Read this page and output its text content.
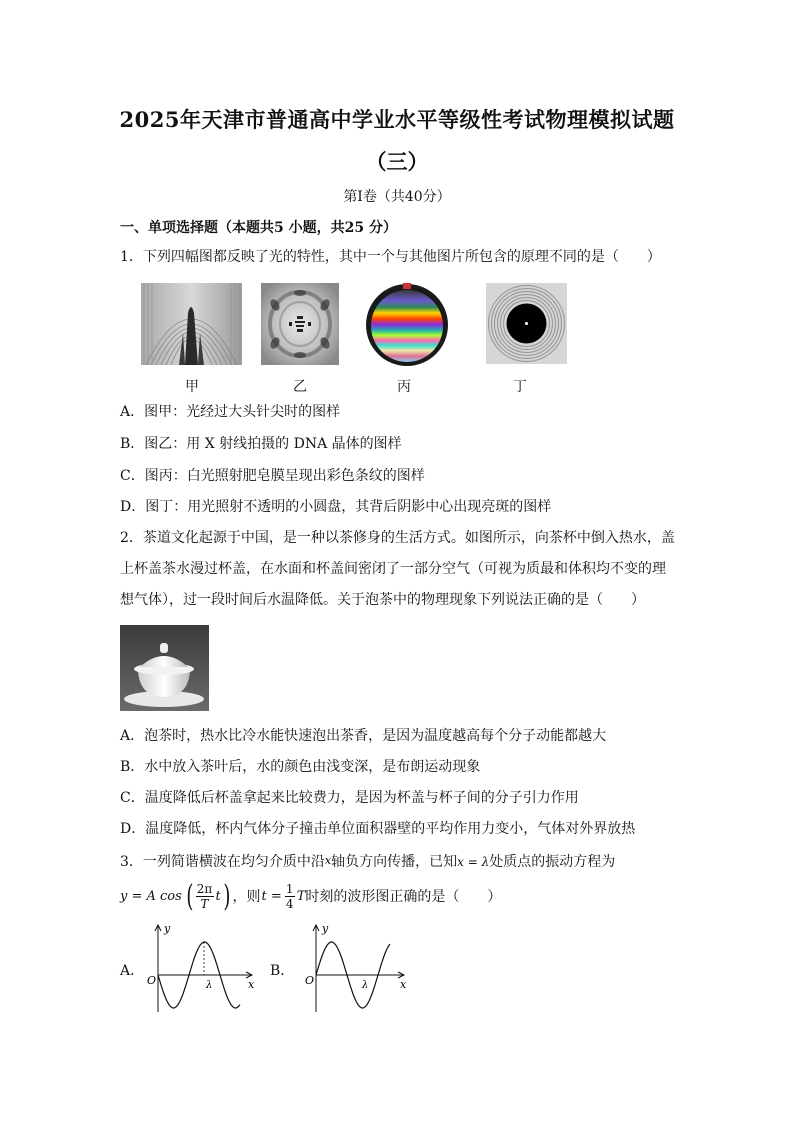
2025年天津市普通高中学业水平等级性考试物理模拟试题
（三）
第Ⅰ卷（共40分）
一、单项选择题（本题共5 小题，共25 分）
1．下列四幅图都反映了光的特性，其中一个与其他图片所包含的原理不同的是（　　）
甲	乙	丙	丁
A．图甲：光经过大头针尖时的图样
B．图乙：用 X 射线拍摄的 DNA 晶体的图样
C．图丙：白光照射肥皂膜呈现出彩色条纹的图样
D．图丁：用光照射不透明的小圆盘，其背后阴影中心出现亮斑的图样
2．茶道文化起源于中国，是一种以茶修身的生活方式。如图所示，向茶杯中倒入热水，盖
上杯盖茶水漫过杯盖，在水面和杯盖间密闭了一部分空气（可视为质最和体积均不变的理
想气体），过一段时间后水温降低。关于泡茶中的物理现象下列说法正确的是（　　）
A．泡茶时，热水比冷水能快速泡出茶香，是因为温度越高每个分子动能都越大
B．水中放入茶叶后，水的颜色由浅变深，是布朗运动现象
C．温度降低后杯盖拿起来比较费力，是因为杯盖与杯子间的分子引力作用
D．温度降低，杯内气体分子撞击单位面积器壁的平均作用力变小，气体对外界放热
3．一列简谐横波在均匀介质中沿x轴负方向传播，已知x = λ处质点的振动方程为
y = A cos ( 2π
T t ) ，则 t = 1
4 T 时刻的波形图正确的是（　　）
A．
y
O	λ	x
B．
y
O	λ	x
